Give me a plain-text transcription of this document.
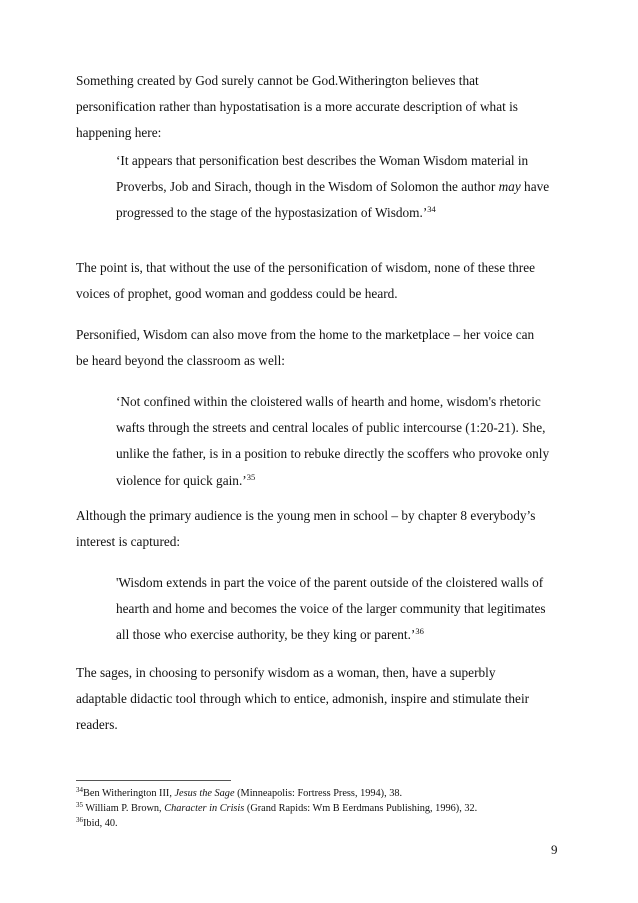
Something created by God surely cannot be God.Witherington believes that
personification rather than hypostatisation is a more accurate description of what is
happening here:
‘It appears that personification best describes the Woman Wisdom material in
Proverbs, Job and Sirach, though in the Wisdom of Solomon the author may have
progressed to the stage of the hypostasization of Wisdom.’$^{34}$
The point is, that without the use of the personification of wisdom, none of these three
voices of prophet, good woman and goddess could be heard.
Personified, Wisdom can also move from the home to the marketplace – her voice can
be heard beyond the classroom as well:
‘Not confined within the cloistered walls of hearth and home, wisdom's rhetoric
wafts through the streets and central locales of public intercourse (1:20-21). She,
unlike the father, is in a position to rebuke directly the scoffers who provoke only
violence for quick gain.’$^{35}$
Although the primary audience is the young men in school – by chapter 8 everybody’s
interest is captured:
'Wisdom extends in part the voice of the parent outside of the cloistered walls of
hearth and home and becomes the voice of the larger community that legitimates
all those who exercise authority, be they king or parent.’$^{36}$
The sages, in choosing to personify wisdom as a woman, then, have a superbly
adaptable didactic tool through which to entice, admonish, inspire and stimulate their
readers.
$^{34}$Ben Witherington III, Jesus the Sage (Minneapolis: Fortress Press, 1994), 38.
$^{35}$ William P. Brown, Character in Crisis (Grand Rapids: Wm B Eerdmans Publishing, 1996), 32.
$^{36}$Ibid, 40.
9
